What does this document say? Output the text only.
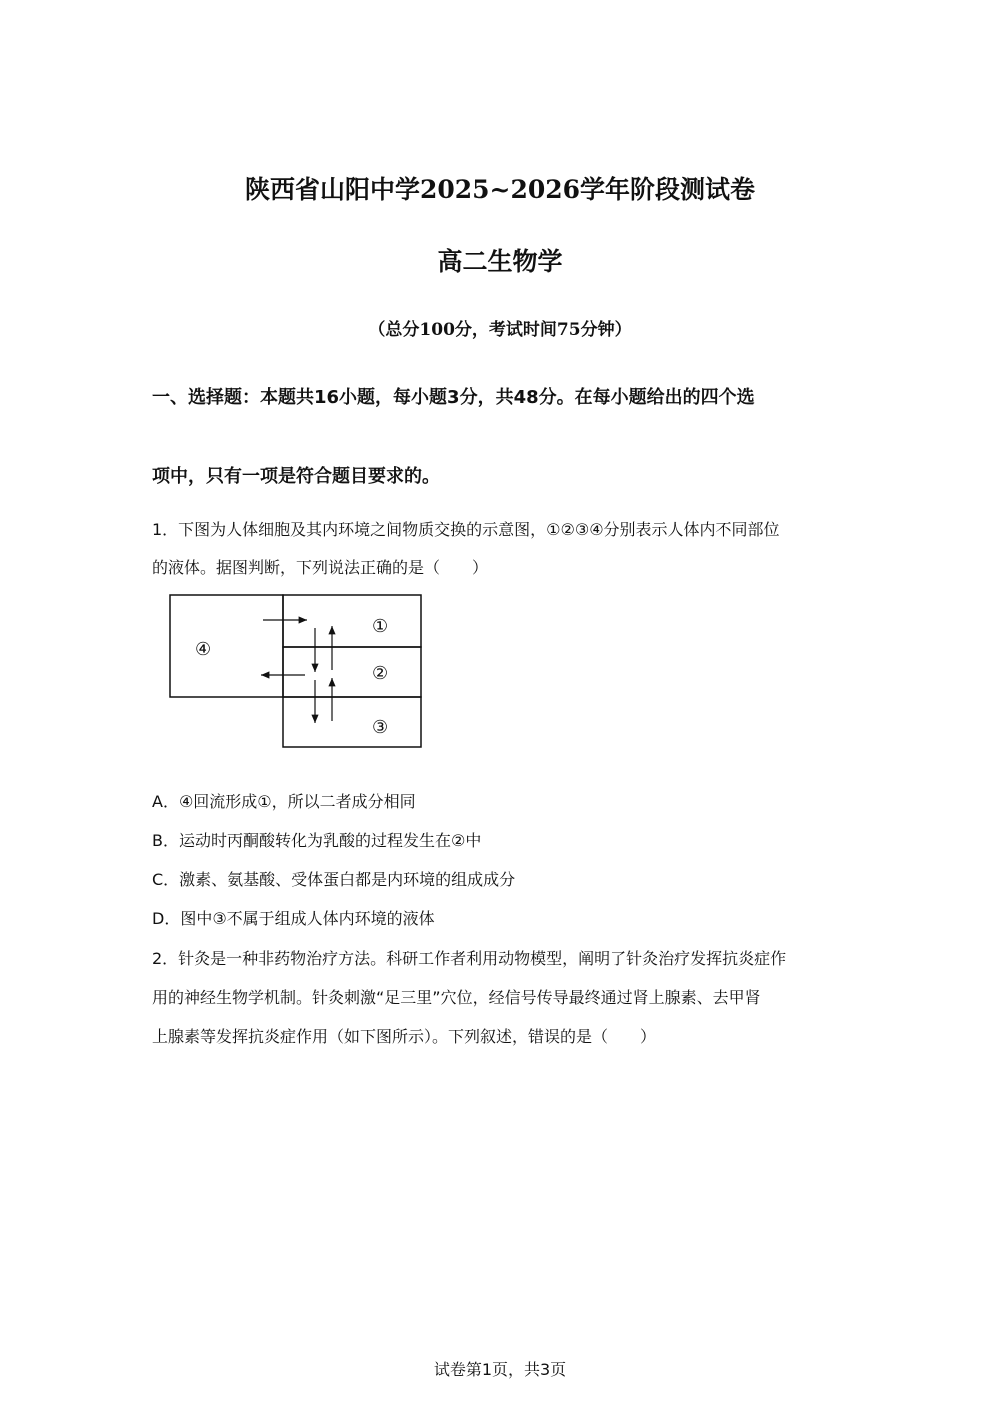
陕西省山阳中学2025~2026学年阶段测试卷
高二生物学
（总分100分，考试时间75分钟）
一、选择题：本题共16小题，每小题3分，共48分。在每小题给出的四个选
项中，只有一项是符合题目要求的。
1．下图为人体细胞及其内环境之间物质交换的示意图，①②③④分别表示人体内不同部位
的液体。据图判断，下列说法正确的是（　　）
④
①
②
③
A．④回流形成①，所以二者成分相同
B．运动时丙酮酸转化为乳酸的过程发生在②中
C．激素、氨基酸、受体蛋白都是内环境的组成成分
D．图中③不属于组成人体内环境的液体
2．针灸是一种非药物治疗方法。科研工作者利用动物模型，阐明了针灸治疗发挥抗炎症作
用的神经生物学机制。针灸刺激“足三里”穴位，经信号传导最终通过肾上腺素、去甲肾
上腺素等发挥抗炎症作用（如下图所示）。下列叙述，错误的是（　　）
试卷第1页，共3页
